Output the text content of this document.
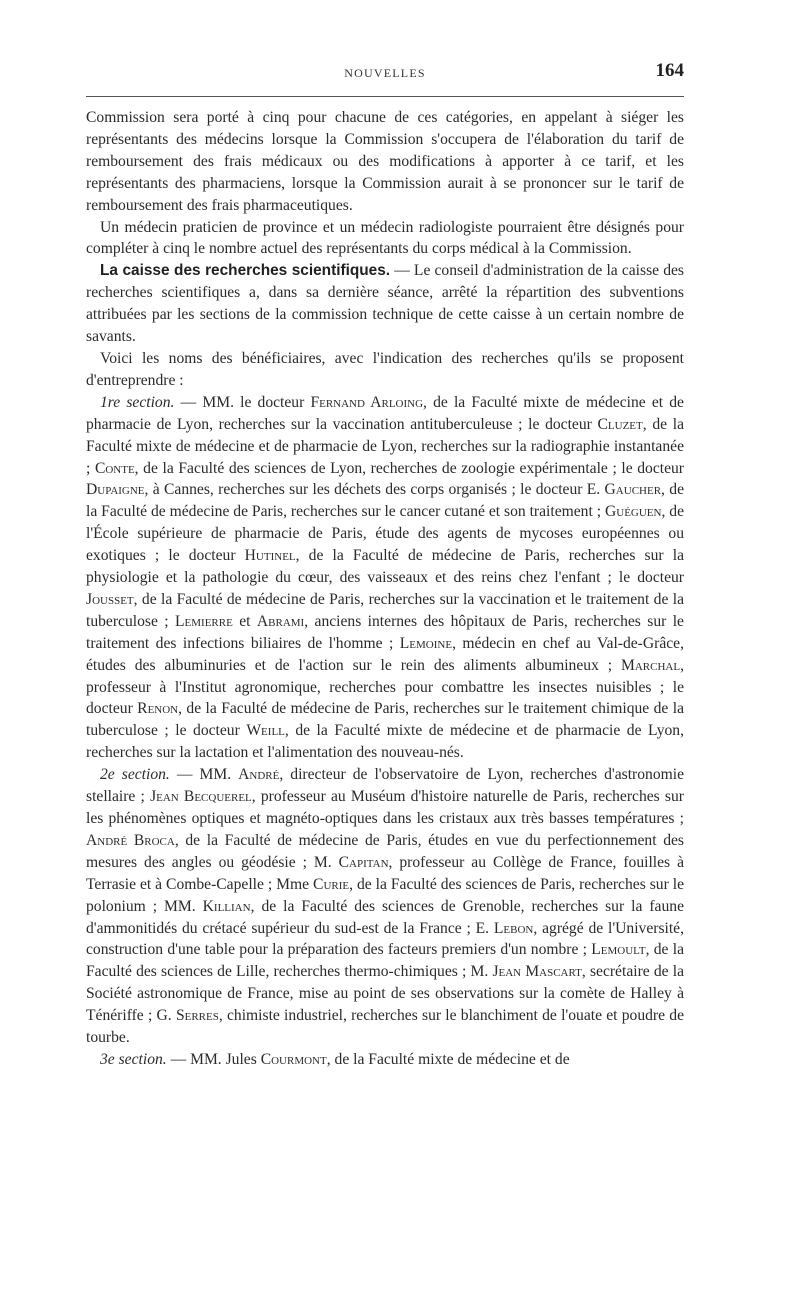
NOUVELLES	164

Commission sera porté à cinq pour chacune de ces catégories, en appelant à siéger les représentants des médecins lorsque la Commission s'occupera de l'élaboration du tarif de remboursement des frais médicaux ou des modifications à apporter à ce tarif, et les représentants des pharmaciens, lorsque la Commission aurait à se prononcer sur le tarif de remboursement des frais pharmaceutiques.

Un médecin praticien de province et un médecin radiologiste pourraient être désignés pour compléter à cinq le nombre actuel des représentants du corps médical à la Commission.

La caisse des recherches scientifiques. — Le conseil d'administration de la caisse des recherches scientifiques a, dans sa dernière séance, arrêté la répartition des subventions attribuées par les sections de la commission technique de cette caisse à un certain nombre de savants.

Voici les noms des bénéficiaires, avec l'indication des recherches qu'ils se proposent d'entreprendre :

1re section. — MM. le docteur Fernand Arloing, de la Faculté mixte de médecine et de pharmacie de Lyon, recherches sur la vaccination antituberculeuse ; le docteur Cluzet, de la Faculté mixte de médecine et de pharmacie de Lyon, recherches sur la radiographie instantanée ; Conte, de la Faculté des sciences de Lyon, recherches de zoologie expérimentale ; le docteur Dupaigne, à Cannes, recherches sur les déchets des corps organisés ; le docteur E. Gaucher, de la Faculté de médecine de Paris, recherches sur le cancer cutané et son traitement ; Guéguen, de l'École supérieure de pharmacie de Paris, étude des agents de mycoses européennes ou exotiques ; le docteur Hutinel, de la Faculté de médecine de Paris, recherches sur la physiologie et la pathologie du cœur, des vaisseaux et des reins chez l'enfant ; le docteur Jousset, de la Faculté de médecine de Paris, recherches sur la vaccination et le traitement de la tuberculose ; Lemierre et Abrami, anciens internes des hôpitaux de Paris, recherches sur le traitement des infections biliaires de l'homme ; Lemoine, médecin en chef au Val-de-Grâce, études des albuminuries et de l'action sur le rein des aliments albumineux ; Marchal, professeur à l'Institut agronomique, recherches pour combattre les insectes nuisibles ; le docteur Renon, de la Faculté de médecine de Paris, recherches sur le traitement chimique de la tuberculose ; le docteur Weill, de la Faculté mixte de médecine et de pharmacie de Lyon, recherches sur la lactation et l'alimentation des nouveau-nés.

2e section. — MM. André, directeur de l'observatoire de Lyon, recherches d'astronomie stellaire ; Jean Becquerel, professeur au Muséum d'histoire naturelle de Paris, recherches sur les phénomènes optiques et magnéto-optiques dans les cristaux aux très basses températures ; André Broca, de la Faculté de médecine de Paris, études en vue du perfectionnement des mesures des angles ou géodésie ; M. Capitan, professeur au Collège de France, fouilles à Terrasie et à Combe-Capelle ; Mme Curie, de la Faculté des sciences de Paris, recherches sur le polonium ; MM. Killian, de la Faculté des sciences de Grenoble, recherches sur la faune d'ammonitidés du crétacé supérieur du sud-est de la France ; E. Lebon, agrégé de l'Université, construction d'une table pour la préparation des facteurs premiers d'un nombre ; Lemoult, de la Faculté des sciences de Lille, recherches thermo-chimiques ; M. Jean Mascart, secrétaire de la Société astronomique de France, mise au point de ses observations sur la comète de Halley à Ténériffe ; G. Serres, chimiste industriel, recherches sur le blanchiment de l'ouate et poudre de tourbe.

3e section. — MM. Jules Courmont, de la Faculté mixte de médecine et de
